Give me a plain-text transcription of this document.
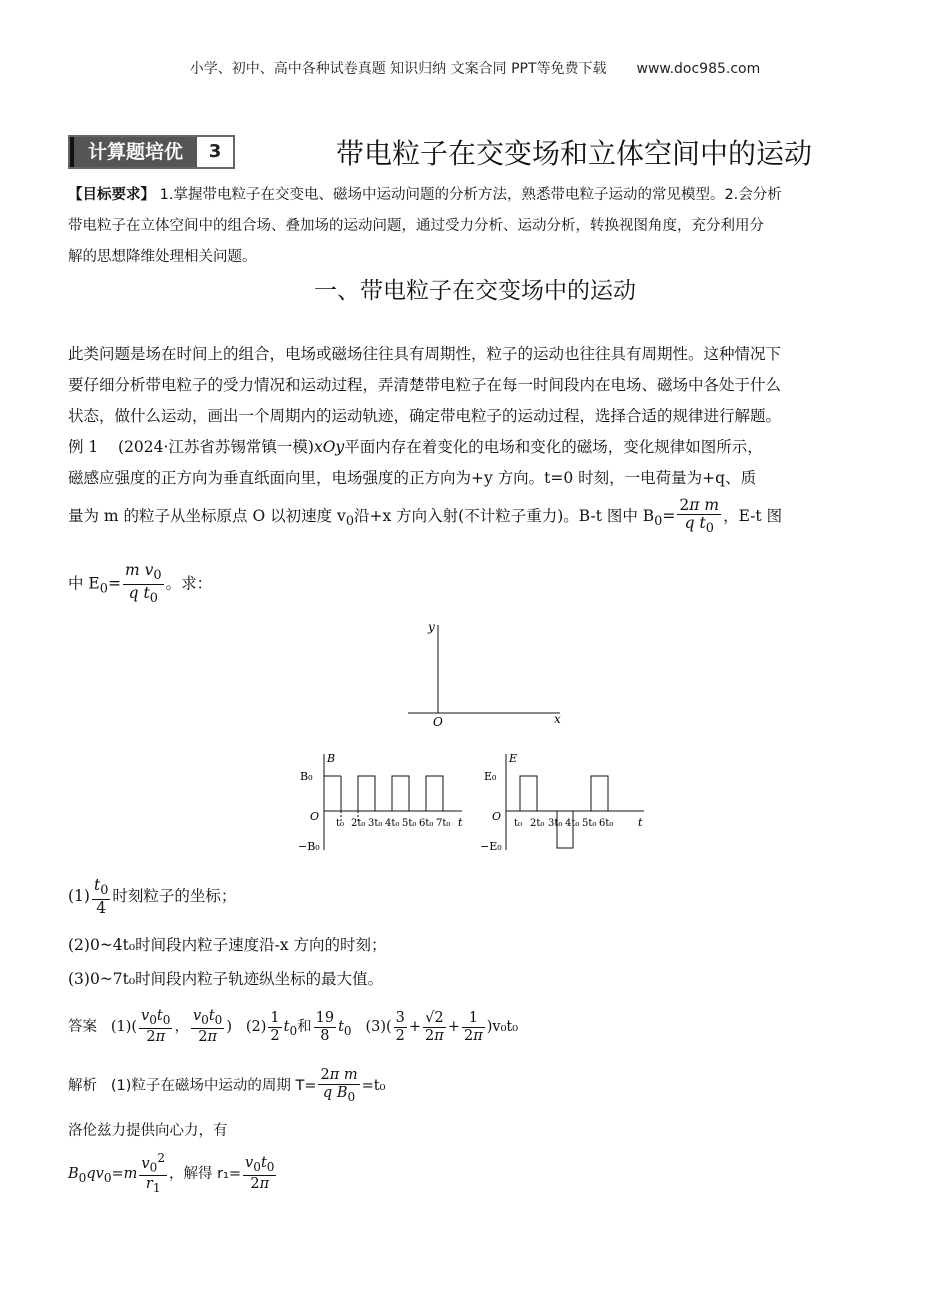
小学、初中、高中各种试卷真题 知识归纳 文案合同 PPT等免费下载 www.doc985.com
计算题培优	3	带电粒子在交变场和立体空间中的运动
【目标要求】 1.掌握带电粒子在交变电、磁场中运动问题的分析方法，熟悉带电粒子运动的常见模型。2.会分析
带电粒子在立体空间中的组合场、叠加场的运动问题，通过受力分析、运动分析，转换视图角度，充分利用分
解的思想降维处理相关问题。
一、带电粒子在交变场中的运动
此类问题是场在时间上的组合，电场或磁场往往具有周期性，粒子的运动也往往具有周期性。这种情况下
要仔细分析带电粒子的受力情况和运动过程，弄清楚带电粒子在每一时间段内在电场、磁场中各处于什么
状态，做什么运动，画出一个周期内的运动轨迹，确定带电粒子的运动过程，选择合适的规律进行解题。
例 1 (2024·江苏省苏锡常镇一模)xOy平面内存在着变化的电场和变化的磁场，变化规律如图所示，
磁感应强度的正方向为垂直纸面向里，电场强度的正方向为+y 方向。t=0 时刻，一电荷量为+q、质
量为 m 的粒子从坐标原点 O 以初速度 $v_0$沿+x 方向入射(不计粒子重力)。B-t 图中 $B_0= \frac{\text{2π m}}{q t_0}$ ，E-t 图
中 $E_0= \frac{m v_0}{q t_0}$ 。求：
y
x
O
B
B₀
−B₀
O	t
t₀ 2t₀ 3t₀ 4t₀ 5t₀ 6t₀ 7t₀
E
E₀
−E₀
O	t
t₀ 2t₀ 3t₀ 4t₀ 5t₀ 6t₀
$(1) \frac{t_0}{4}$ 时刻粒子的坐标；
(2)0~4t₀时间段内粒子速度沿-x 方向的时刻；
(3)0~7t₀时间段内粒子轨迹纵坐标的最大值。
答案 $(1)( \frac{v_0t_0}{2\pi}$ ， $\frac{v_0t_0}{2\pi}$ ) $(2) \frac{1}{2} t_0$和 $\frac{19}{8} t_0$ $(3)( \frac{3}{2} + \frac{√2}{2\pi} + \frac{1}{2\pi} )v_0t_0$
解析 (1)粒子在磁场中运动的周期 $T= \frac{\text{2π m}}{q B_0} =t_0$
洛伦兹力提供向心力，有
$B_0qv_0=m \frac{v_0^2}{r_1}$ ，解得 $r_1= \frac{v_0t_0}{2\pi}$
